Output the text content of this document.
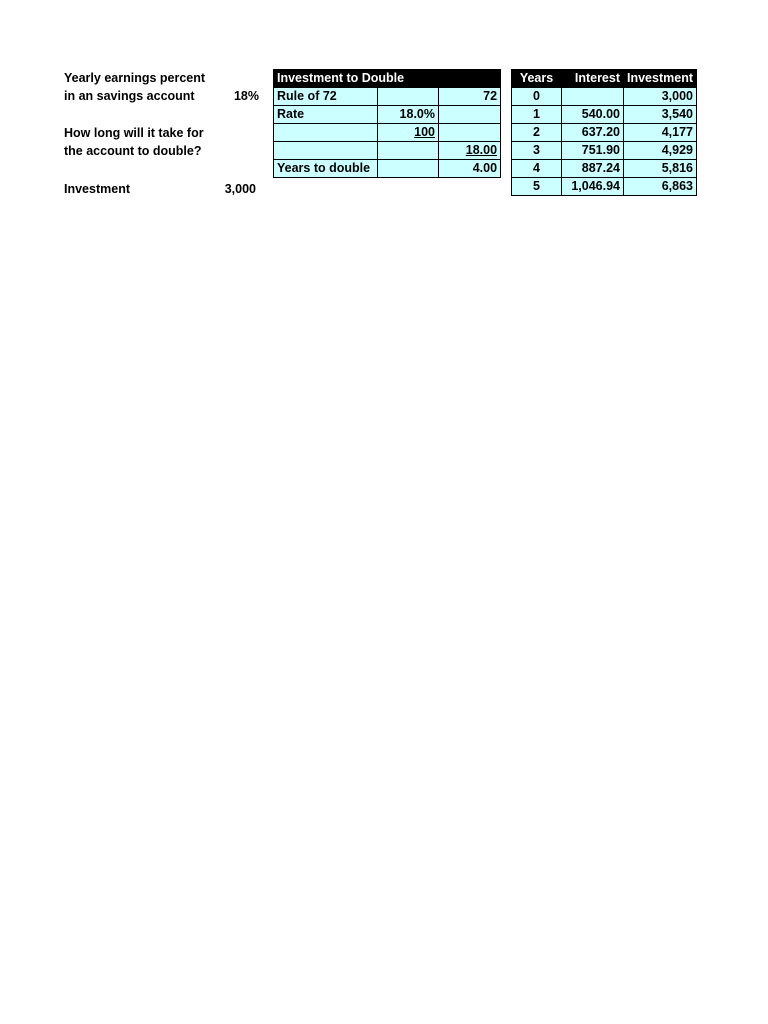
Yearly earnings percent
in an savings account	18%
How long will it take for
the account to double?
Investment	3,000
Investment to Double		
Rule of 72		72
Rate	18.0%	
	100	
		18.00
Years to double		4.00
Years	Interest	Investment
0		3,000
1	540.00	3,540
2	637.20	4,177
3	751.90	4,929
4	887.24	5,816
5	1,046.94	6,863
